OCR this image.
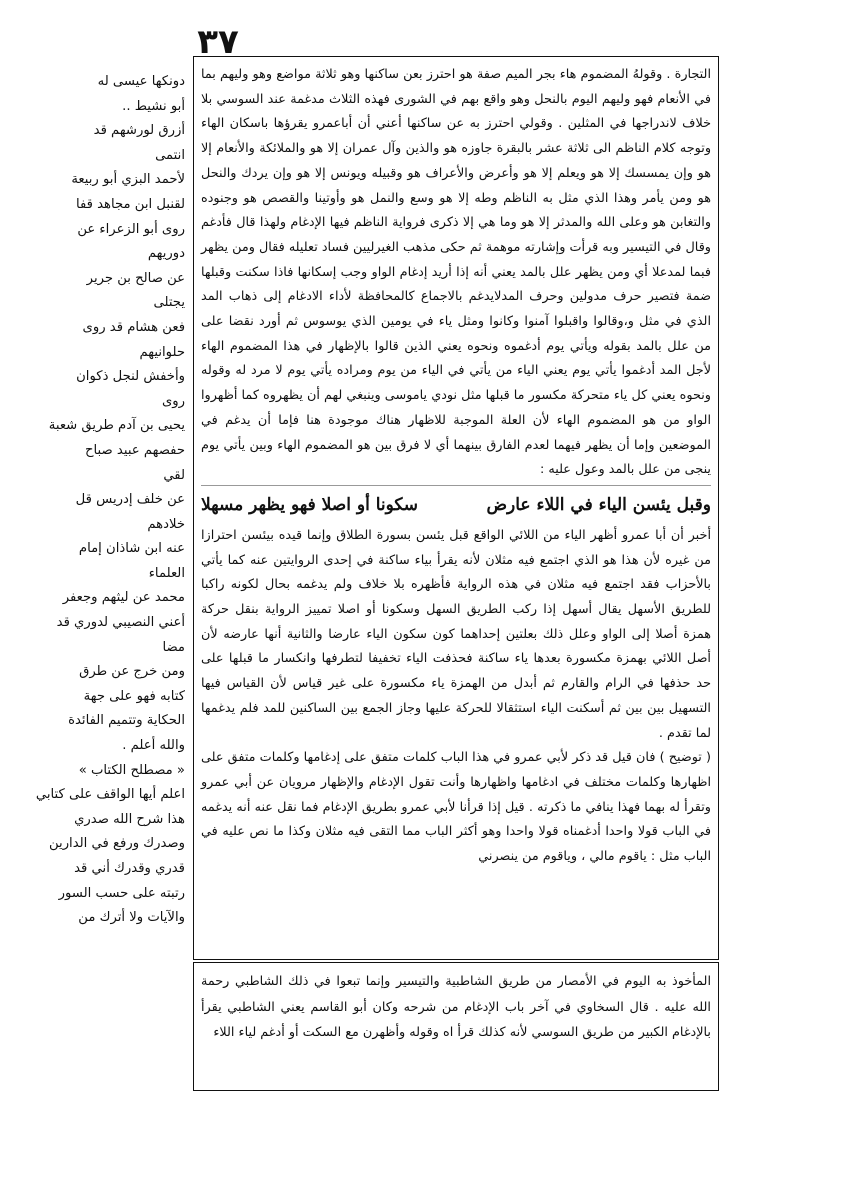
٣٧

التجارة . وقولهُ المضموم هاء بجر الميم صفة هو احترز بعن ساكنها وهو ثلاثة مواضع وهو وليهم بما في الأنعام فهو وليهم اليوم بالنحل وهو واقع بهم في الشورى فهذه الثلاث مدغمة عند السوسي بلا خلاف لاندراجها في المثلين . وقولي احترز به عن ساكنها أعني أن أباعمرو يقرؤها باسكان الهاء وتوجه كلام الناظم الى ثلاثة عشر بالبقرة جاوزه هو والذين وآل عمران إلا هو والملائكة والأنعام إلا هو وإن يمسسك إلا هو ويعلم إلا هو وأعرض والأعراف هو وقبيله ويونس إلا هو وإن يردك والنحل هو ومن يأمر وهذا الذي مثل به الناظم وطه إلا هو وسع والنمل هو وأوتينا والقصص هو وجنوده والتغابن هو وعلى الله والمدثر إلا هو وما هي إلا ذكرى فرواية الناظم فيها الإدغام ولهذا قال فأدغم وقال في التيسير وبه قرأت وإشارته موهمة ثم حكى مذهب الغيرليين فساد تعليله فقال ومن يظهر فبما لمدعلا أي ومن يظهر علل بالمد يعني أنه إذا أريد إدغام الواو وجب إسكانها فاذا سكنت وقبلها ضمة فتصير حرف مدولين وحرف المدلايدغم بالاجماع كالمحافظة لأداء الادغام إلى ذهاب المد الذي في مثل و،وقالوا واقبلوا آمنوا وكانوا ومثل ياء في يومين الذي يوسوس ثم أورد نقضا على من علل بالمد بقوله ويأتي يوم أدغموه ونحوه يعني الذين قالوا بالإظهار في هذا المضموم الهاء لأجل المد أدغموا يأتي يوم يعني الياء من يأتي في الياء من يوم ومراده يأتي يوم لا مرد له وقوله ونحوه يعني كل ياء متحركة مكسور ما قبلها مثل نودي ياموسى وينبغي لهم أن يظهروه كما أظهروا الواو من هو المضموم الهاء لأن العلة الموجبة للاظهار هناك موجودة هنا فإما أن يدغم في الموضعين وإما أن يظهر فيهما لعدم الفارق بينهما أي لا فرق بين هو المضموم الهاء وبين يأتي يوم ينجى من علل بالمد وعول عليه :

وقبل يئسن الياء في اللاء عارض
سكونا أو اصلا فهو يظهر مسهلا

أخبر أن أبا عمرو أظهر الياء من اللائي الواقع قبل يئسن بسورة الطلاق وإنما قيده بيئسن احترازا من غيره لأن هذا هو الذي اجتمع فيه مثلان لأنه يقرأ بياء ساكنة في إحدى الروايتين عنه كما يأتي بالأحزاب فقد اجتمع فيه مثلان في هذه الرواية فأظهره بلا خلاف ولم يدغمه بحال لكونه راكبا للطريق الأسهل يقال أسهل إذا ركب الطريق السهل وسكونا أو اصلا تمييز الرواية بنقل حركة همزة أصلا إلى الواو وعلل ذلك بعلتين إحداهما كون سكون الياء عارضا والثانية أنها عارضه لأن أصل اللائي بهمزة مكسورة بعدها ياء ساكنة فحذفت الياء تخفيفا لتطرفها وانكسار ما قبلها على حد حذفها في الرام والقارم ثم أبدل من الهمزة ياء مكسورة على غير قياس لأن القياس فيها التسهيل بين بين ثم أسكنت الياء استثقالا للحركة عليها وجاز الجمع بين الساكنين للمد فلم يدغمها لما تقدم .

( توضيح ) فان قيل قد ذكر لأبي عمرو في هذا الباب كلمات متفق على إدغامها وكلمات متفق على اظهارها وكلمات مختلف في ادغامها واظهارها وأنت تقول الإدغام والإظهار مرويان عن أبي عمرو وتقرأ له بهما فهذا ينافي ما ذكرته . قيل إذا قرأنا لأبي عمرو بطريق الإدغام فما نقل عنه أنه يدغمه في الباب قولا واحدا أدغمناه قولا واحدا وهو أكثر الباب مما التقى فيه مثلان وكذا ما نص عليه في الباب مثل : ياقوم مالي ، وياقوم من ينصرني

المأخوذ به اليوم في الأمصار من طريق الشاطبية والتيسير وإنما تبعوا في ذلك الشاطبي رحمة الله عليه . قال السخاوي في آخر باب الإدغام من شرحه وكان أبو القاسم يعني الشاطبي يقرأ بالإدغام الكبير من طريق السوسي لأنه كذلك قرأ اه وقوله وأظهرن مع السكت أو أدغم لياء اللاء

دونكها عيسى له
أبو نشيط ..
أزرق لورشهم قد
انتمى
لأحمد البزي أبو ربيعة
لقنبل ابن مجاهد قفا
روى أبو الزعراء عن
دوريهم
عن صالح بن جرير
يجتلى
فعن هشام قد روى
حلوانيهم
وأخفش لنجل ذكوان
روى
يحيى بن آدم طريق شعبة
حفصهم عبيد صباح
لقي
عن خلف إدريس قل
خلادهم
عنه ابن شاذان إمام
العلماء
محمد عن ليثهم وجعفر
أعني النصيبي لدوري قد
مضا
ومن خرج عن طرق
كتابه فهو على جهة
الحكاية وتتميم الفائدة
والله أعلم .
« مصطلح الكتاب »
اعلم أيها الواقف على كتابي
هذا شرح الله صدري
وصدرك ورفع في الدارين
قدري وقدرك أني قد
رتبته على حسب السور
والآيات ولا أترك من
